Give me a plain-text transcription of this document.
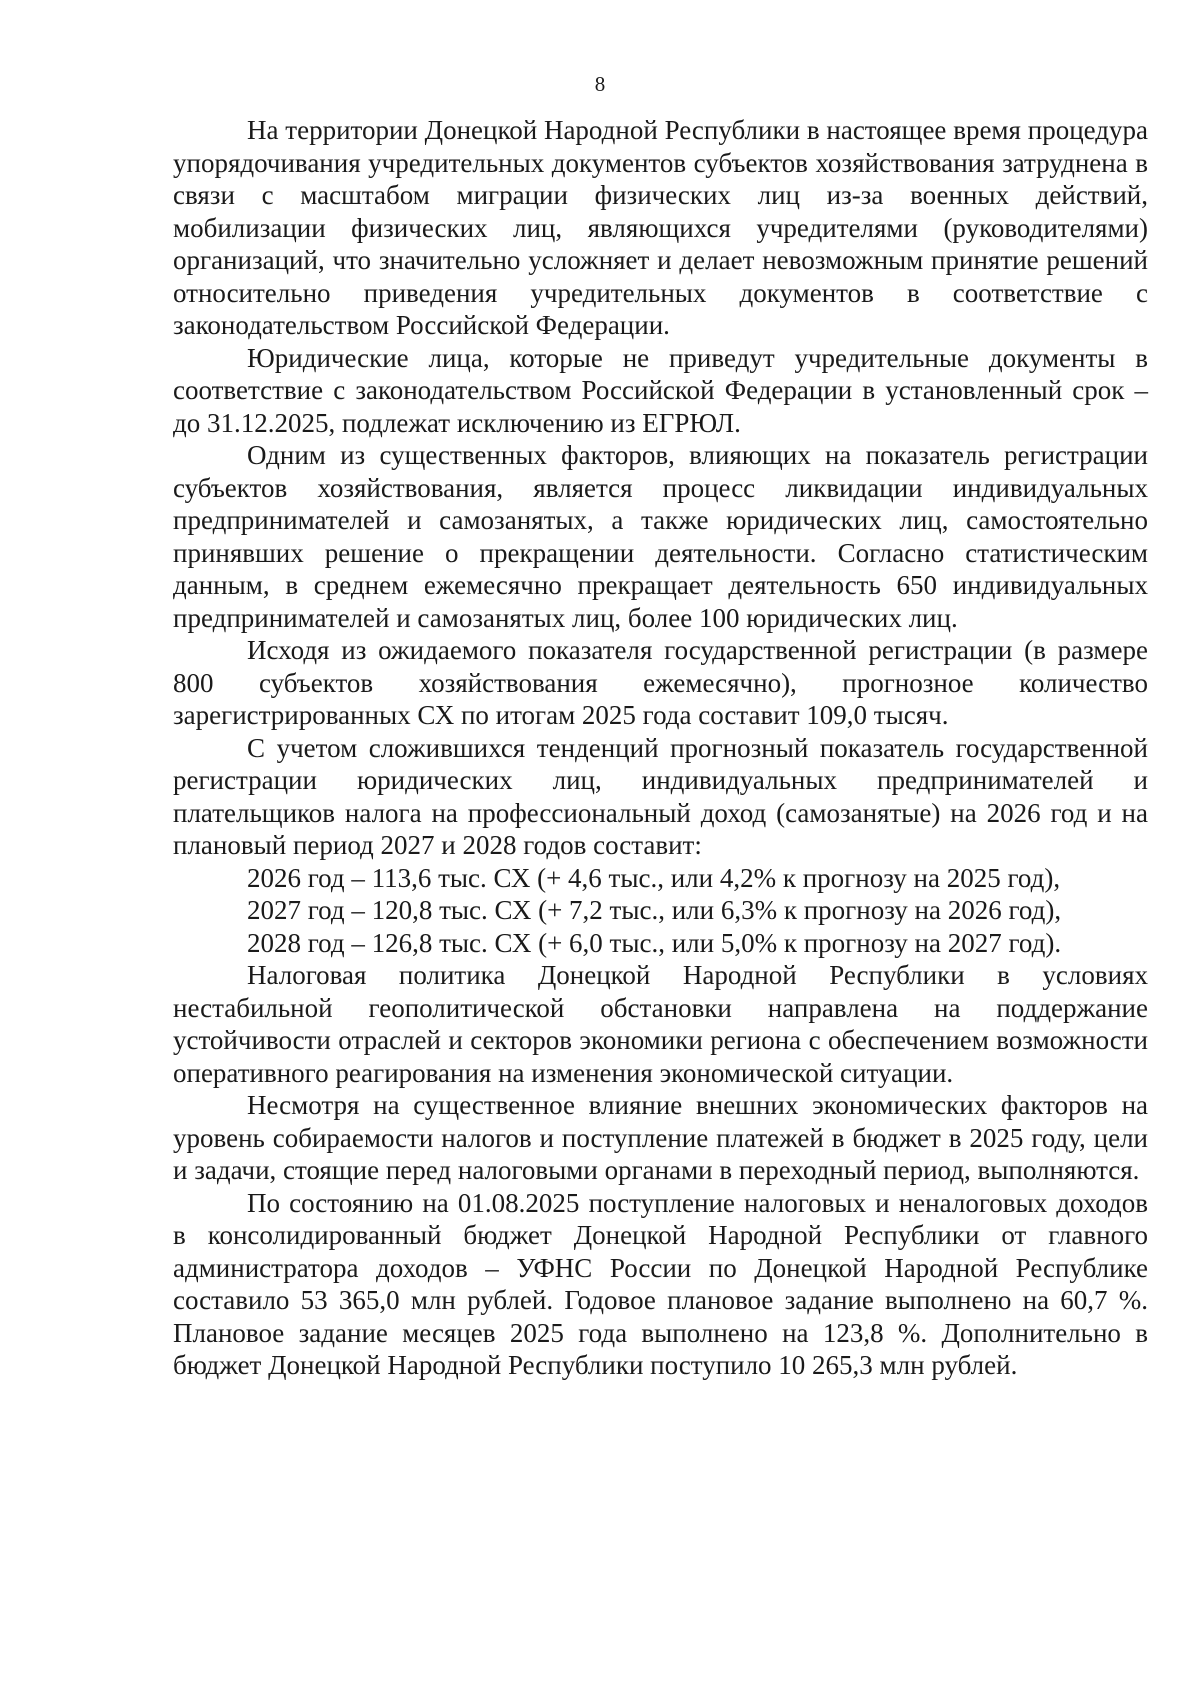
8

На территории Донецкой Народной Республики в настоящее время процедура упорядочивания учредительных документов субъектов хозяйствования затруднена в связи с масштабом миграции физических лиц из-за военных действий, мобилизации физических лиц, являющихся учредителями (руководителями) организаций, что значительно усложняет и делает невозможным принятие решений относительно приведения учредительных документов в соответствие с законодательством Российской Федерации.

Юридические лица, которые не приведут учредительные документы в соответствие с законодательством Российской Федерации в установленный срок – до 31.12.2025, подлежат исключению из ЕГРЮЛ.

Одним из существенных факторов, влияющих на показатель регистрации субъектов хозяйствования, является процесс ликвидации индивидуальных предпринимателей и самозанятых, а также юридических лиц, самостоятельно принявших решение о прекращении деятельности. Согласно статистическим данным, в среднем ежемесячно прекращает деятельность 650 индивидуальных предпринимателей и самозанятых лиц, более 100 юридических лиц.

Исходя из ожидаемого показателя государственной регистрации (в размере 800 субъектов хозяйствования ежемесячно), прогнозное количество зарегистрированных СХ по итогам 2025 года составит 109,0 тысяч.

С учетом сложившихся тенденций прогнозный показатель государственной регистрации юридических лиц, индивидуальных предпринимателей и плательщиков налога на профессиональный доход (самозанятые) на 2026 год и на плановый период 2027 и 2028 годов составит:

2026 год – 113,6 тыс. СХ (+ 4,6 тыс., или 4,2% к прогнозу на 2025 год),

2027 год – 120,8 тыс. СХ (+ 7,2 тыс., или 6,3% к прогнозу на 2026 год),

2028 год – 126,8 тыс. СХ (+ 6,0 тыс., или 5,0% к прогнозу на 2027 год).

Налоговая политика Донецкой Народной Республики в условиях нестабильной геополитической обстановки направлена на поддержание устойчивости отраслей и секторов экономики региона с обеспечением возможности оперативного реагирования на изменения экономической ситуации.

Несмотря на существенное влияние внешних экономических факторов на уровень собираемости налогов и поступление платежей в бюджет в 2025 году, цели и задачи, стоящие перед налоговыми органами в переходный период, выполняются.

По состоянию на 01.08.2025 поступление налоговых и неналоговых доходов в консолидированный бюджет Донецкой Народной Республики от главного администратора доходов – УФНС России по Донецкой Народной Республике составило 53 365,0 млн рублей. Годовое плановое задание выполнено на 60,7 %. Плановое задание месяцев 2025 года выполнено на 123,8 %. Дополнительно в бюджет Донецкой Народной Республики поступило 10 265,3 млн рублей.
